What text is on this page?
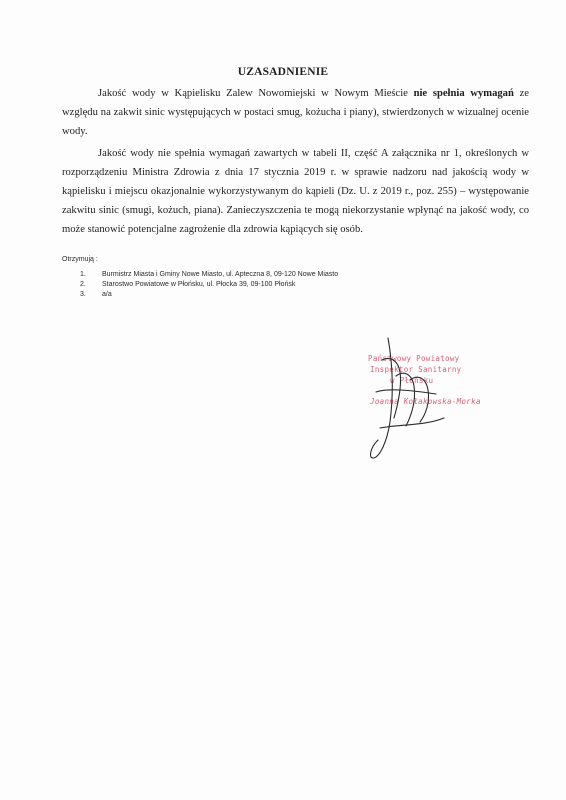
UZASADNIENIE

Jakość wody w Kąpielisku Zalew Nowomiejski w Nowym Mieście nie spełnia wymagań ze względu na zakwit sinic występujących w postaci smug, kożucha i piany), stwierdzonych w wizualnej ocenie wody.

Jakość wody nie spełnia wymagań zawartych w tabeli II, część A załącznika nr 1, określonych w rozporządzeniu Ministra Zdrowia z dnia 17 stycznia 2019 r. w sprawie nadzoru nad jakością wody w kąpielisku i miejscu okazjonalnie wykorzystywanym do kąpieli (Dz. U. z 2019 r., poz. 255) – występowanie zakwitu sinic (smugi, kożuch, piana). Zanieczyszczenia te mogą niekorzystanie wpłynąć na jakość wody, co może stanowić potencjalne zagrożenie dla zdrowia kąpiących się osób.

Otrzymują :
1.	Burmistrz Miasta i Gminy Nowe Miasto, ul. Apteczna 8, 09-120 Nowe Miasto
2.	Starostwo Powiatowe w Płońsku, ul. Płocka 39, 09-100 Płońsk
3.	a/a
Państwowy Powiatowy
Inspektor Sanitarny
w Płońsku
Joanna Kołakowska-Morka
